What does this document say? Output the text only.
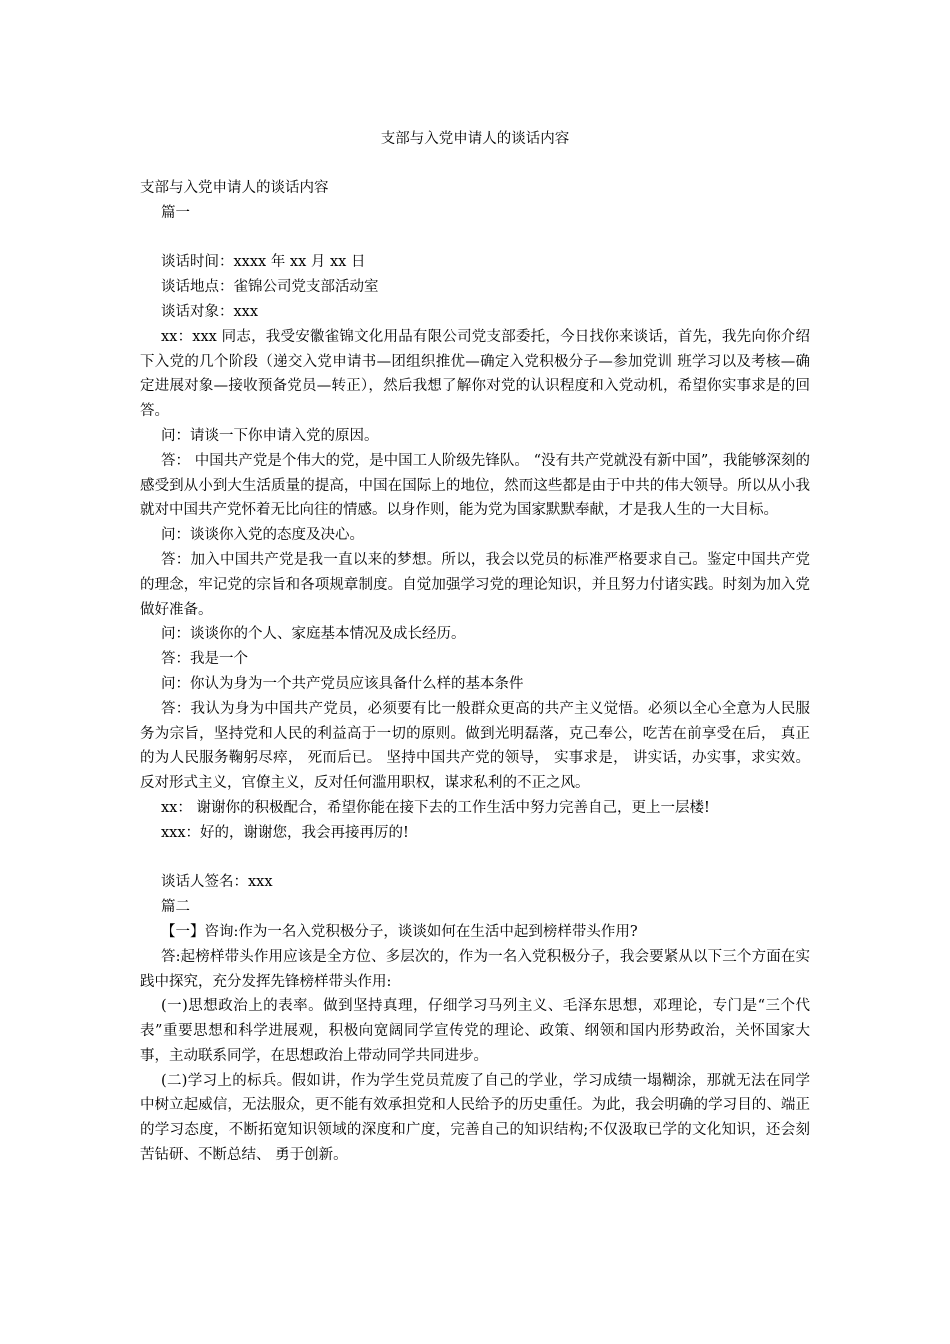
支部与入党申请人的谈话内容

支部与入党申请人的谈话内容

篇一

谈话时间：xxxx 年 xx 月 xx 日

谈话地点：雀锦公司党支部活动室

谈话对象：xxx

xx：xxx 同志，我受安徽雀锦文化用品有限公司党支部委托，今日找你来谈话，首先，我先向你介绍下入党的几个阶段（递交入党申请书—团组织推优—确定入党积极分子—参加党训 班学习以及考核—确定进展对象—接收预备党员—转正），然后我想了解你对党的认识程度和入党动机，希望你实事求是的回答。

问：请谈一下你申请入党的原因。

答： 中国共产党是个伟大的党，是中国工人阶级先锋队。 “没有共产党就没有新中国”，我能够深刻的感受到从小到大生活质量的提高，中国在国际上的地位，然而这些都是由于中共的伟大领导。所以从小我就对中国共产党怀着无比向往的情感。以身作则，能为党为国家默默奉献，才是我人生的一大目标。

问：谈谈你入党的态度及决心。

答：加入中国共产党是我一直以来的梦想。所以，我会以党员的标准严格要求自己。鉴定中国共产党的理念，牢记党的宗旨和各项规章制度。自觉加强学习党的理论知识，并且努力付诸实践。时刻为加入党做好准备。

问：谈谈你的个人、家庭基本情况及成长经历。

答：我是一个

问：你认为身为一个共产党员应该具备什么样的基本条件

答：我认为身为中国共产党员，必须要有比一般群众更高的共产主义觉悟。必须以全心全意为人民服务为宗旨，坚持党和人民的利益高于一切的原则。做到光明磊落，克己奉公，吃苦在前享受在后， 真正的为人民服务鞠躬尽瘁， 死而后已。 坚持中国共产党的领导， 实事求是， 讲实话，办实事，求实效。反对形式主义，官僚主义，反对任何滥用职权，谋求私利的不正之风。

xx： 谢谢你的积极配合，希望你能在接下去的工作生活中努力完善自己，更上一层楼!

xxx：好的，谢谢您，我会再接再厉的!

谈话人签名：xxx

篇二

【一】咨询:作为一名入党积极分子，谈谈如何在生活中起到榜样带头作用?

答:起榜样带头作用应该是全方位、多层次的，作为一名入党积极分子，我会要紧从以下三个方面在实践中探究，充分发挥先锋榜样带头作用:

(一)思想政治上的表率。做到坚持真理，仔细学习马列主义、毛泽东思想，邓理论，专门是“三个代表”重要思想和科学进展观，积极向宽阔同学宣传党的理论、政策、纲领和国内形势政治，关怀国家大事，主动联系同学，在思想政治上带动同学共同进步。

(二)学习上的标兵。假如讲，作为学生党员荒废了自己的学业，学习成绩一塌糊涂，那就无法在同学中树立起威信，无法服众，更不能有效承担党和人民给予的历史重任。为此，我会明确的学习目的、端正的学习态度，不断拓宽知识领域的深度和广度，完善自己的知识结构;不仅汲取已学的文化知识，还会刻苦钻研、不断总结、 勇于创新。
